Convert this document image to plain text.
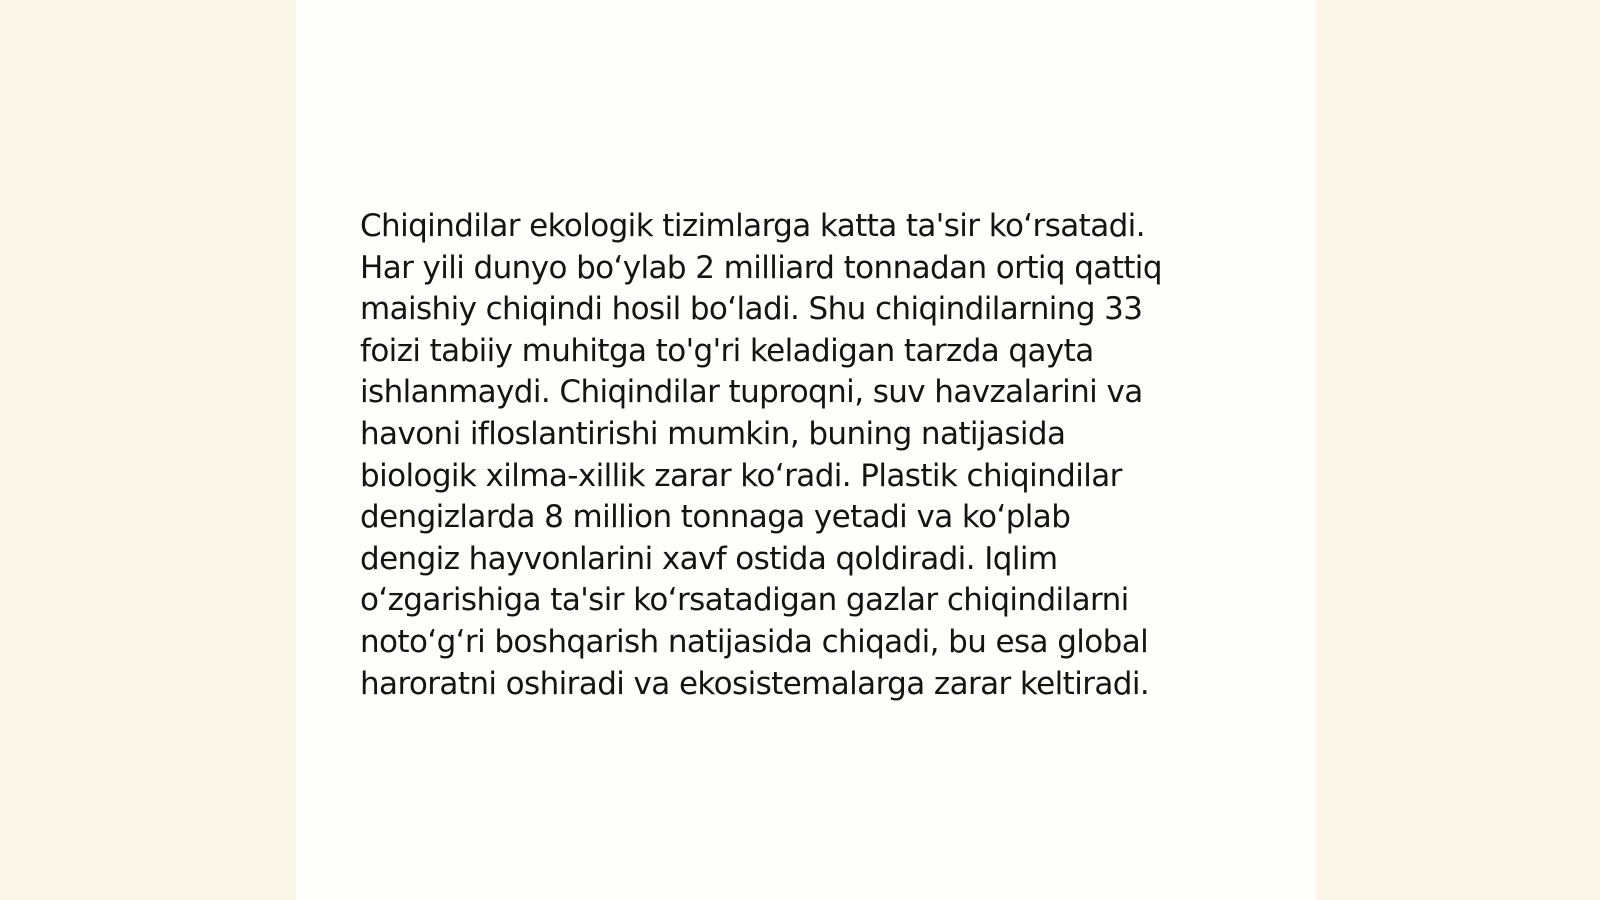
Chiqindilar ekologik tizimlarga katta ta'sir ko‘rsatadi.
Har yili dunyo bo‘ylab 2 milliard tonnadan ortiq qattiq
maishiy chiqindi hosil bo‘ladi. Shu chiqindilarning 33
foizi tabiiy muhitga to'g'ri keladigan tarzda qayta
ishlanmaydi. Chiqindilar tuproqni, suv havzalarini va
havoni ifloslantirishi mumkin, buning natijasida
biologik xilma-xillik zarar ko‘radi. Plastik chiqindilar
dengizlarda 8 million tonnaga yetadi va ko‘plab
dengiz hayvonlarini xavf ostida qoldiradi. Iqlim
o‘zgarishiga ta'sir ko‘rsatadigan gazlar chiqindilarni
noto‘g‘ri boshqarish natijasida chiqadi, bu esa global
haroratni oshiradi va ekosistemalarga zarar keltiradi.
